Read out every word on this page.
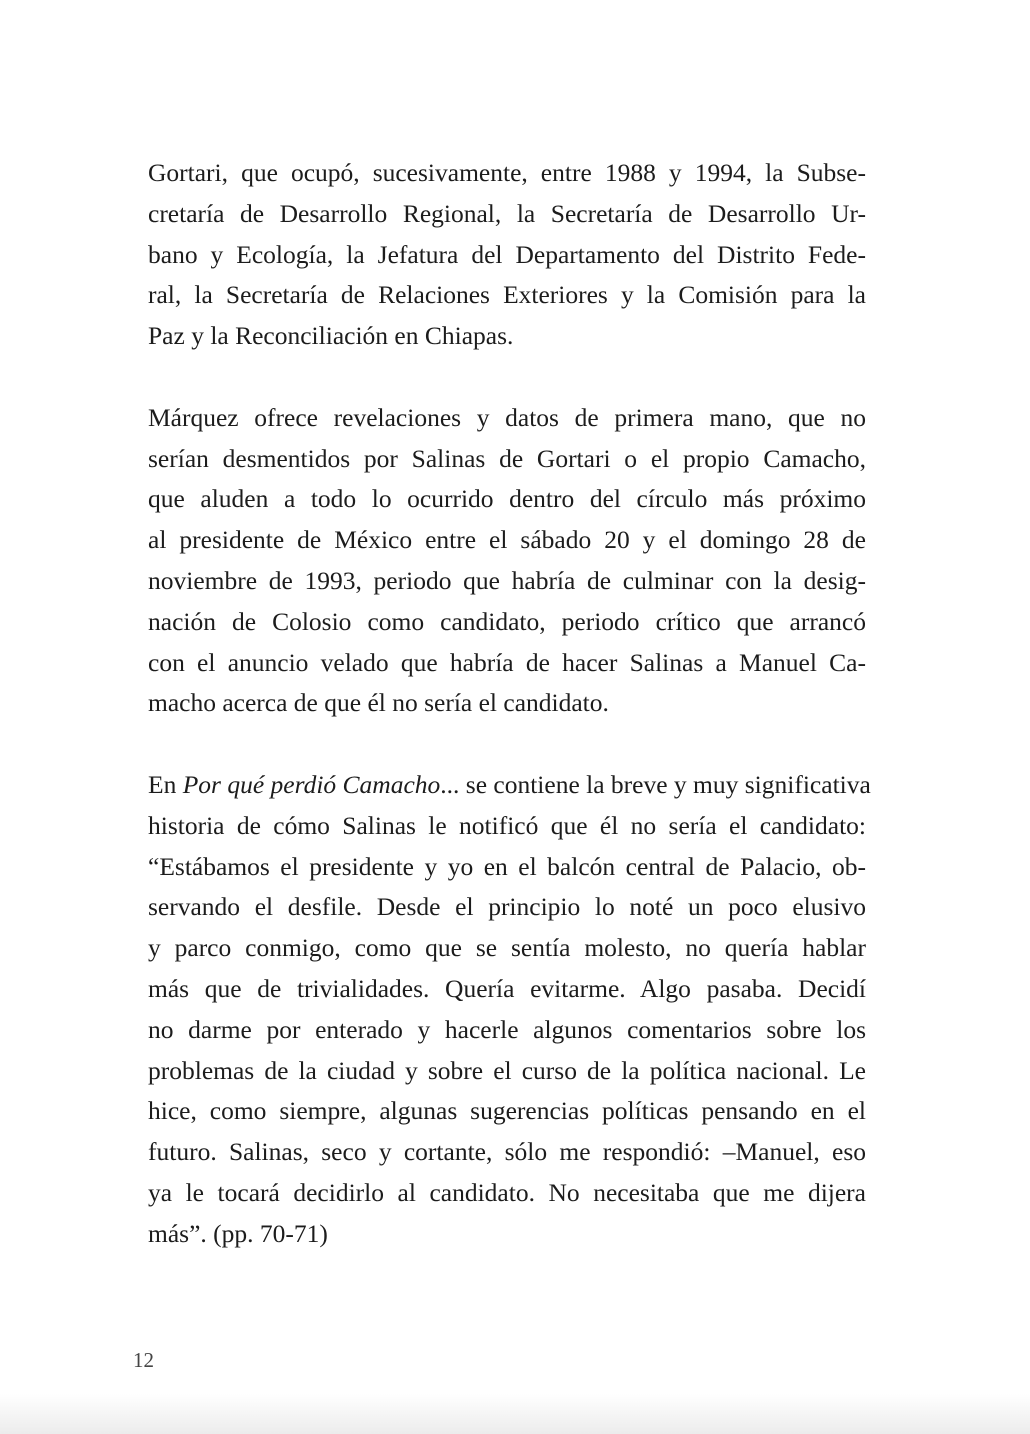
Gortari, que ocupó, sucesivamente, entre 1988 y 1994, la Subse-
cretaría de Desarrollo Regional, la Secretaría de Desarrollo Ur-
bano y Ecología, la Jefatura del Departamento del Distrito Fede-
ral, la Secretaría de Relaciones Exteriores y la Comisión para la
Paz y la Reconciliación en Chiapas.
Márquez ofrece revelaciones y datos de primera mano, que no
serían desmentidos por Salinas de Gortari o el propio Camacho,
que aluden a todo lo ocurrido dentro del círculo más próximo
al presidente de México entre el sábado 20 y el domingo 28 de
noviembre de 1993, periodo que habría de culminar con la desig-
nación de Colosio como candidato, periodo crítico que arrancó
con el anuncio velado que habría de hacer Salinas a Manuel Ca-
macho acerca de que él no sería el candidato.
En Por qué perdió Camacho... se contiene la breve y muy significativa
historia de cómo Salinas le notificó que él no sería el candidato:
“Estábamos el presidente y yo en el balcón central de Palacio, ob-
servando el desfile. Desde el principio lo noté un poco elusivo
y parco conmigo, como que se sentía molesto, no quería hablar
más que de trivialidades. Quería evitarme. Algo pasaba. Decidí
no darme por enterado y hacerle algunos comentarios sobre los
problemas de la ciudad y sobre el curso de la política nacional. Le
hice, como siempre, algunas sugerencias políticas pensando en el
futuro. Salinas, seco y cortante, sólo me respondió: –Manuel, eso
ya le tocará decidirlo al candidato. No necesitaba que me dijera
más”. (pp. 70-71)
12
